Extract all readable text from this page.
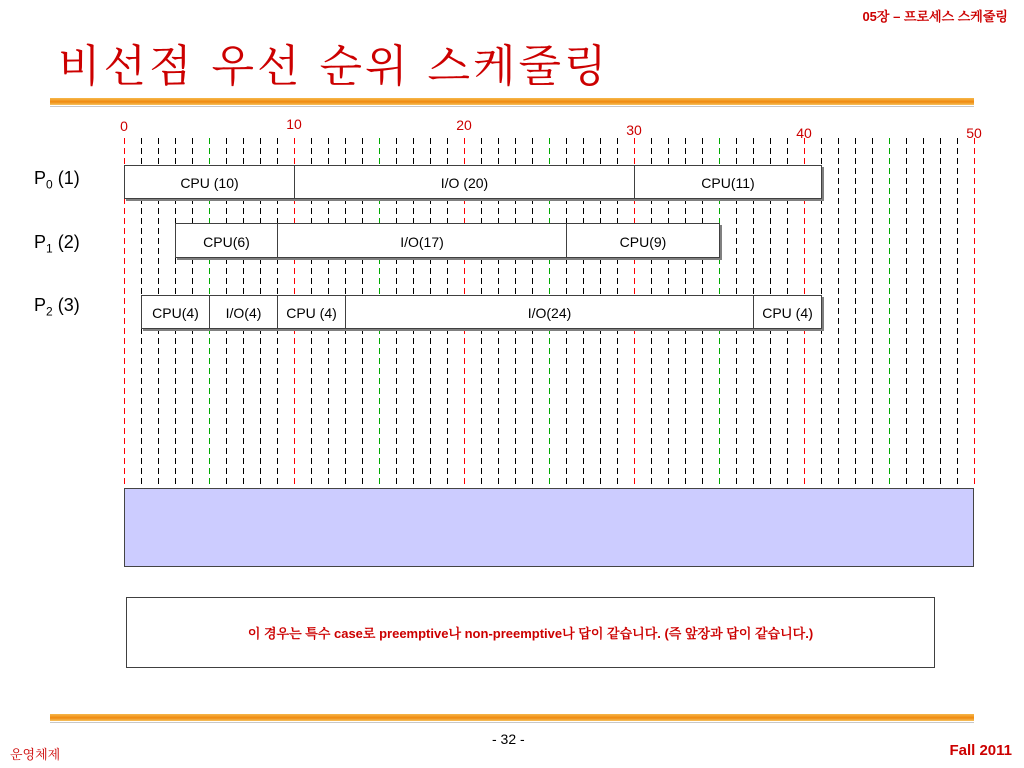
05장 – 프로세스 스케줄링
비선점 우선 순위 스케줄링
0	10	20	30	40	50
$P_0$ (1)	CPU (10)	I/O (20)	CPU(11)
$P_1$ (2)	CPU(6)	I/O(17)	CPU(9)
$P_2$ (3)	CPU(4)	I/O(4)	CPU (4)	I/O(24)	CPU (4)
이 경우는 특수 case로 preemptive나 non-preemptive나 답이 같습니다. (즉 앞장과 답이 같습니다.)
- 32 -
운영체제	Fall 2011
